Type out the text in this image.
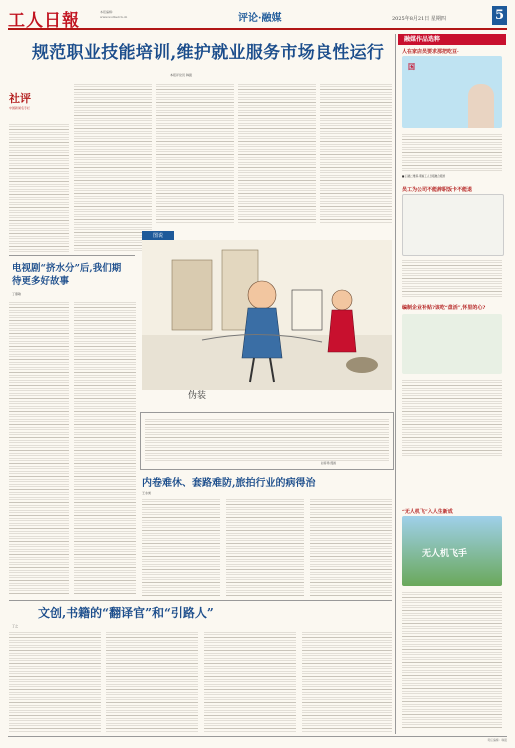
工人日報	本报编辑：
www.workercn.cn	评论·融媒	2025年8月21日 星期四	5
规范职业技能培训,维护就业服务市场良性运行
本报评论员 韩振
社评
中国新闻名专栏
电视剧“挤水分”后,我们期待更多好故事
丁慕敏
图说
伪装
赵春青/漫画
内卷难休、套路难防,旅拍行业的病得治
王永昶
文创,书籍的“翻译官”和“引路人”
丁之
融媒作品选粹
人在家店员要求那把吃豆·
国
■ 扫描二维码,观看工人日报融合报道
员工为公司不能辞职饭卡不能退
编制企业补贴?该吃“盘活”,怀里的心?
“无人机飞”入人生新成
无人机飞手
责任编辑：韩振
